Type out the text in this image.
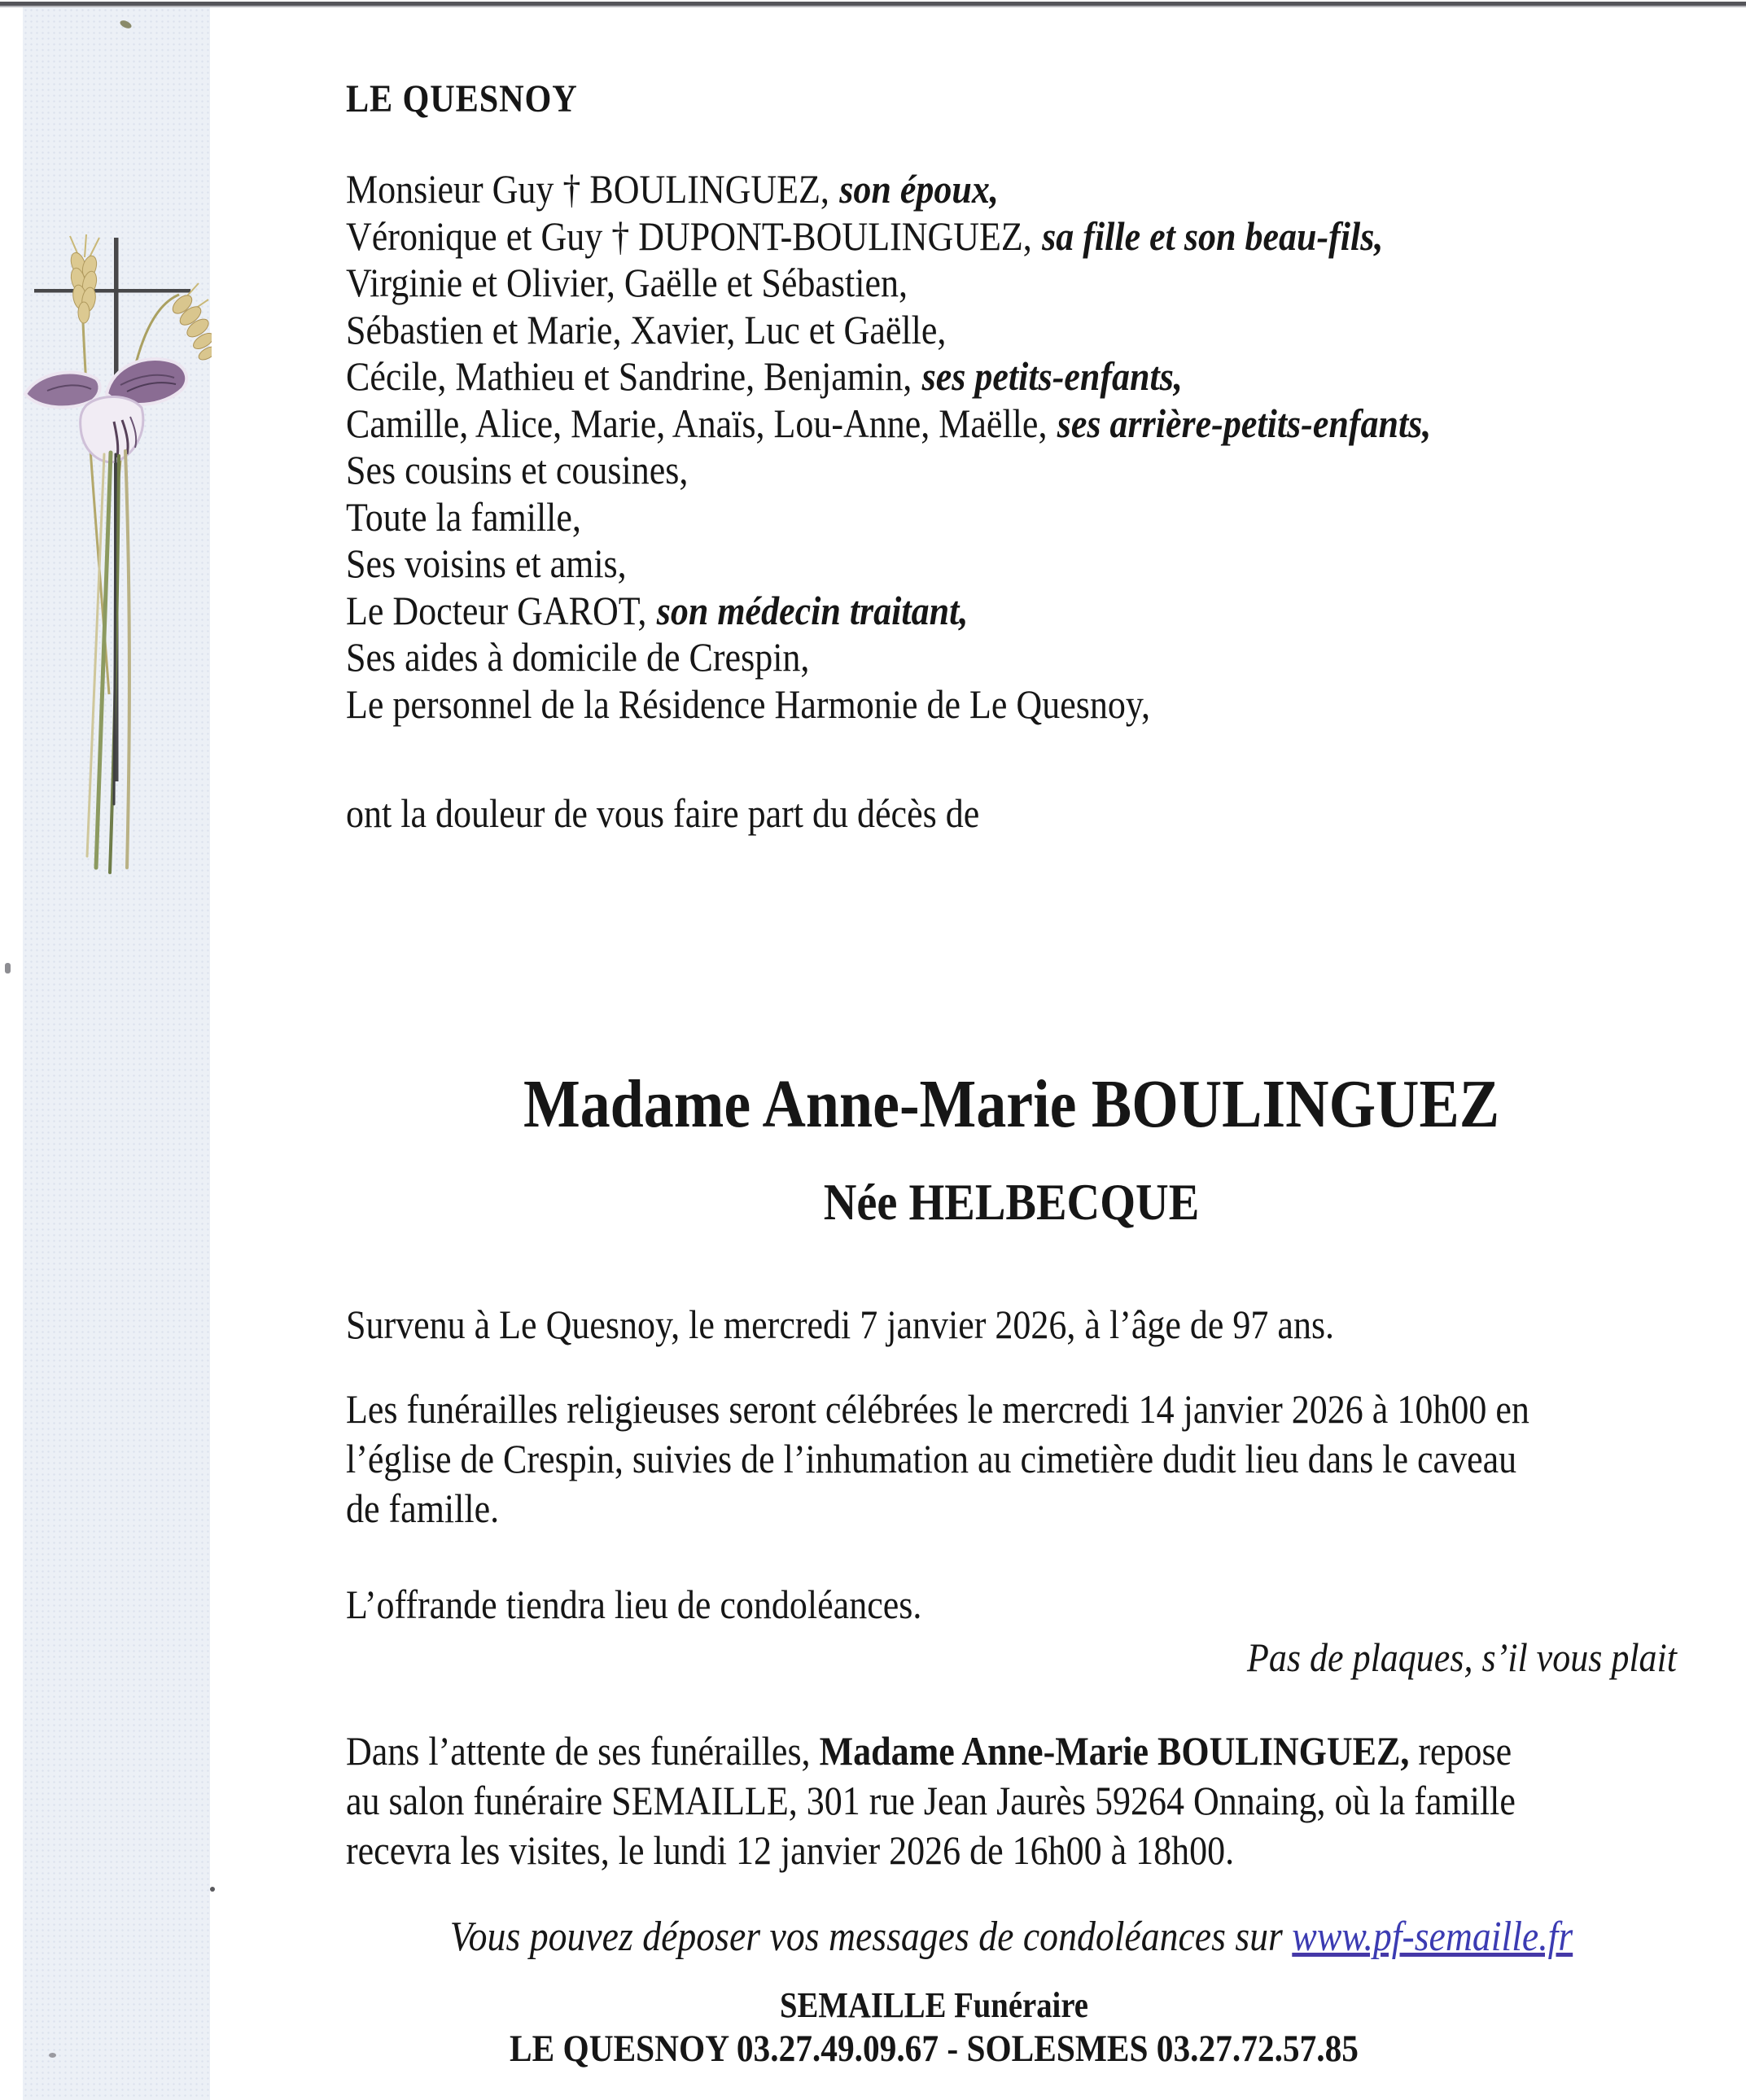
LE QUESNOY
Monsieur Guy † BOULINGUEZ, son époux,
Véronique et Guy † DUPONT-BOULINGUEZ, sa fille et son beau-fils,
Virginie et Olivier, Gaëlle et Sébastien,
Sébastien et Marie, Xavier, Luc et Gaëlle,
Cécile, Mathieu et Sandrine, Benjamin, ses petits-enfants,
Camille, Alice, Marie, Anaïs, Lou-Anne, Maëlle, ses arrière-petits-enfants,
Ses cousins et cousines,
Toute la famille,
Ses voisins et amis,
Le Docteur GAROT, son médecin traitant,
Ses aides à domicile de Crespin,
Le personnel de la Résidence Harmonie de Le Quesnoy,
ont la douleur de vous faire part du décès de
Madame Anne-Marie BOULINGUEZ
Née HELBECQUE
Survenu à Le Quesnoy, le mercredi 7 janvier 2026, à l’âge de 97 ans.
Les funérailles religieuses seront célébrées le mercredi 14 janvier 2026 à 10h00 en
l’église de Crespin, suivies de l’inhumation au cimetière dudit lieu dans le caveau
de famille.
L’offrande tiendra lieu de condoléances.
Pas de plaques, s’il vous plait
Dans l’attente de ses funérailles, Madame Anne-Marie BOULINGUEZ, repose
au salon funéraire SEMAILLE, 301 rue Jean Jaurès 59264 Onnaing, où la famille
recevra les visites, le lundi 12 janvier 2026 de 16h00 à 18h00.
Vous pouvez déposer vos messages de condoléances sur www.pf-semaille.fr
SEMAILLE Funéraire
LE QUESNOY 03.27.49.09.67 - SOLESMES 03.27.72.57.85
